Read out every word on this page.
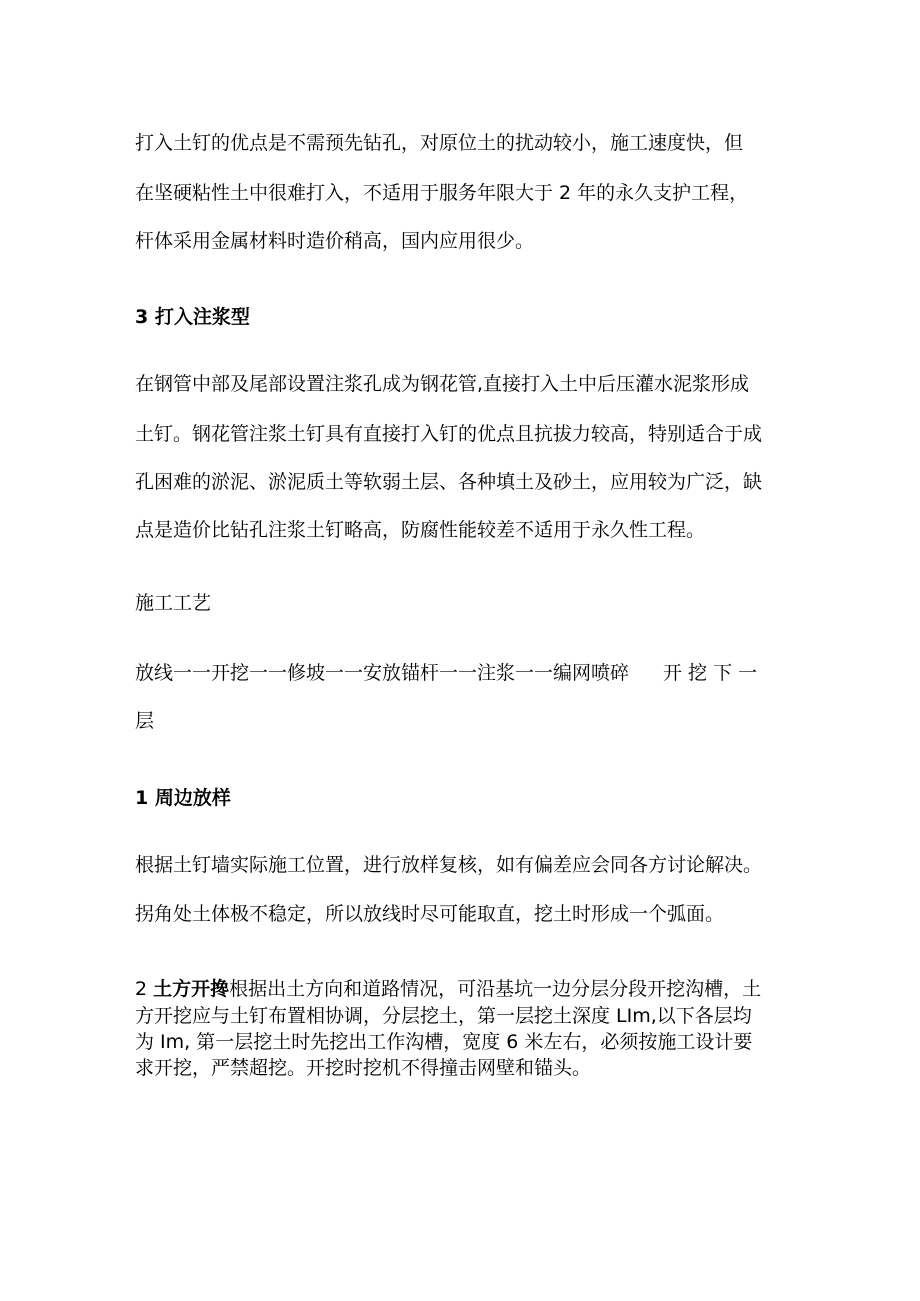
打入土钉的优点是不需预先钻孔，对原位土的扰动较小，施工速度快，但

在坚硬粘性土中很难打入，不适用于服务年限大于 2 年的永久支护工程，

杆体采用金属材料时造价稍高，国内应用很少。

3 打入注浆型

在钢管中部及尾部设置注浆孔成为钢花管,直接打入土中后压灌水泥浆形成

土钉。钢花管注浆土钉具有直接打入钉的优点且抗拔力较高，特别适合于成

孔困难的淤泥、淤泥质土等软弱土层、各种填土及砂土，应用较为广泛，缺

点是造价比钻孔注浆土钉略高，防腐性能较差不适用于永久性工程。

施工工艺

放线一一开挖一一修坡一一安放锚杆一一注浆一一编网喷碎 开 挖 下 一

层

1 周边放样

根据土钉墙实际施工位置，进行放样复核，如有偏差应会同各方讨论解决。

拐角处土体极不稳定，所以放线时尽可能取直，挖土时形成一个弧面。

2 土方开搀根据出土方向和道路情况，可沿基坑一边分层分段开挖沟槽，土

方开挖应与土钉布置相协调，分层挖土，第一层挖土深度 LIm,以下各层均

为 Im, 第一层挖土时先挖出工作沟槽，宽度 6 米左右，必须按施工设计要

求开挖，严禁超挖。开挖时挖机不得撞击网壁和锚头。
